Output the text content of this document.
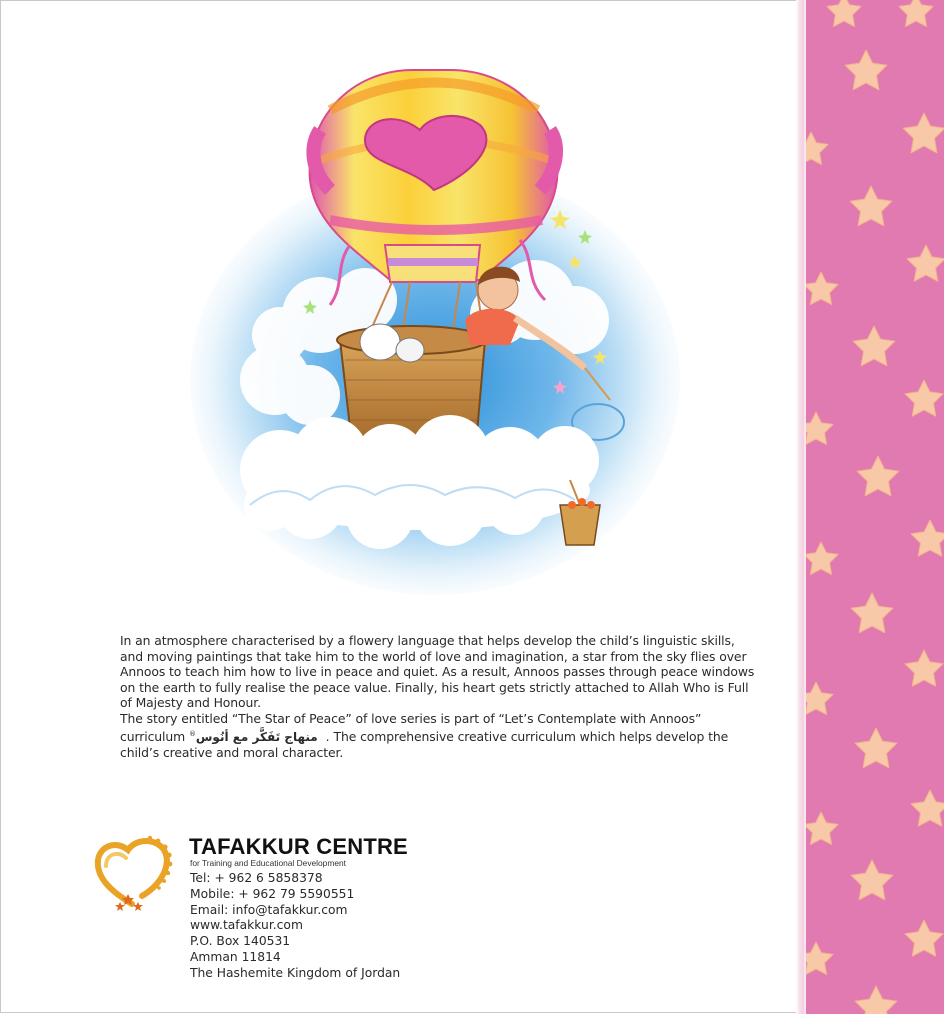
In an atmosphere characterised by a flowery language that helps develop the child’s linguistic skills, and moving paintings that take him to the world of love and imagination, a star from the sky flies over Annoos to teach him how to live in peace and quiet. As a result, Annoos passes through peace windows on the earth to fully realise the peace value. Finally, his heart gets strictly attached to Allah Who is Full of Majesty and Honour.

The story entitled “The Star of Peace” of love series is part of “Let’s Contemplate with Annoos” curriculum ®منهاج تَفَكَّر مع أنُوس . The comprehensive creative curriculum which helps develop the child’s creative and moral character.

TAFAKKUR CENTRE
for Training and Educational Development
Tel: + 962 6 5858378
Mobile: + 962 79 5590551
Email: info@tafakkur.com
www.tafakkur.com
P.O. Box 140531
Amman 11814
The Hashemite Kingdom of Jordan
